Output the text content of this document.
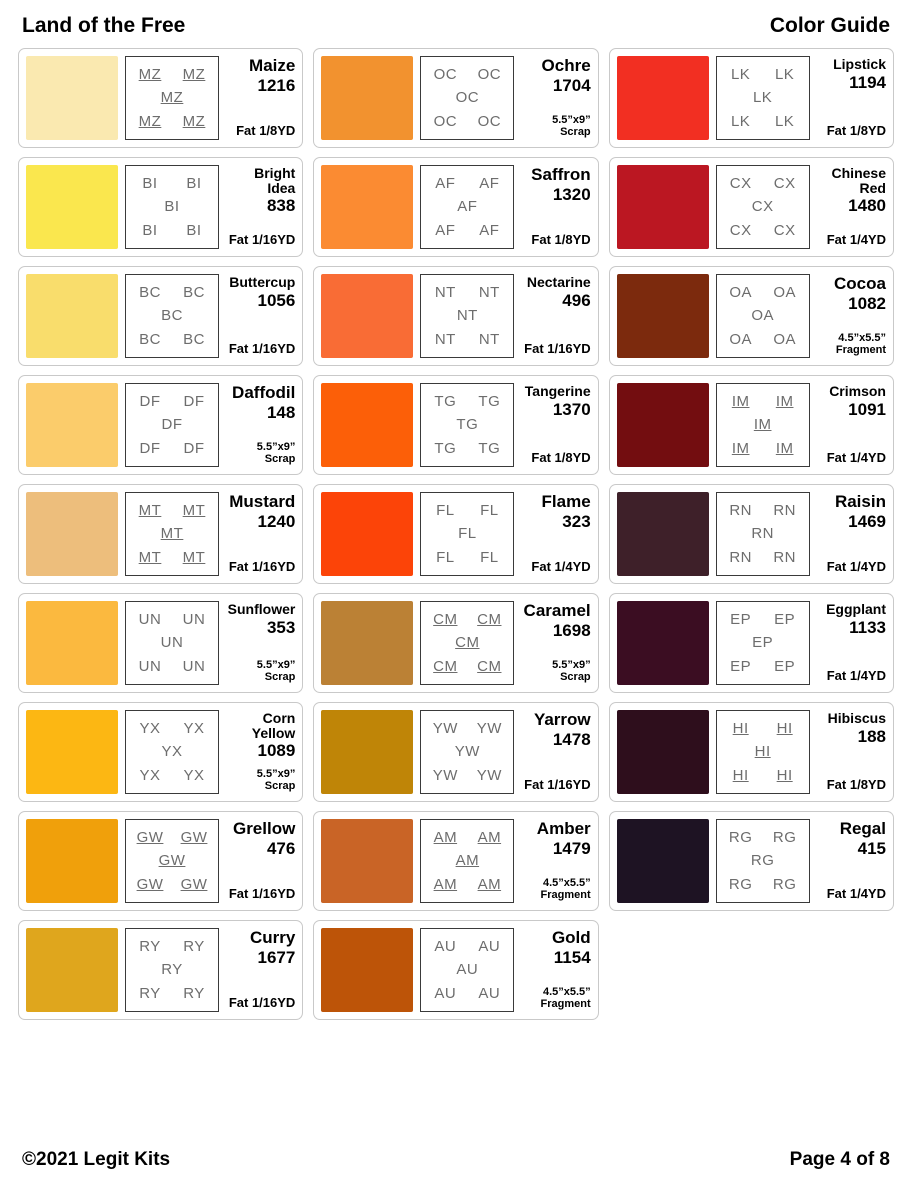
Land of the Free	Color Guide
MZ MZ
MZ
MZ MZ
Maize
1216
Fat 1/8YD
BI BI
BI
BI BI
Bright Idea
838
Fat 1/16YD
BC BC
BC
BC BC
Buttercup
1056
Fat 1/16YD
DF DF
DF
DF DF
Daffodil
148
5.5”x9”
Scrap
MT MT
MT
MT MT
Mustard
1240
Fat 1/16YD
UN UN
UN
UN UN
Sunflower
353
5.5”x9”
Scrap
YX YX
YX
YX YX
Corn Yellow
1089
5.5”x9”
Scrap
GW GW
GW
GW GW
Grellow
476
Fat 1/16YD
RY RY
RY
RY RY
Curry
1677
Fat 1/16YD
OC OC
OC
OC OC
Ochre
1704
5.5”x9”
Scrap
AF AF
AF
AF AF
Saffron
1320
Fat 1/8YD
NT NT
NT
NT NT
Nectarine
496
Fat 1/16YD
TG TG
TG
TG TG
Tangerine
1370
Fat 1/8YD
FL FL
FL
FL FL
Flame
323
Fat 1/4YD
CM CM
CM
CM CM
Caramel
1698
5.5”x9”
Scrap
YW YW
YW
YW YW
Yarrow
1478
Fat 1/16YD
AM AM
AM
AM AM
Amber
1479
4.5”x5.5”
Fragment
AU AU
AU
AU AU
Gold
1154
4.5”x5.5”
Fragment
LK LK
LK
LK LK
Lipstick
1194
Fat 1/8YD
CX CX
CX
CX CX
Chinese Red
1480
Fat 1/4YD
OA OA
OA
OA OA
Cocoa
1082
4.5”x5.5”
Fragment
IM IM
IM
IM IM
Crimson
1091
Fat 1/4YD
RN RN
RN
RN RN
Raisin
1469
Fat 1/4YD
EP EP
EP
EP EP
Eggplant
1133
Fat 1/4YD
HI HI
HI
HI HI
Hibiscus
188
Fat 1/8YD
RG RG
RG
RG RG
Regal
415
Fat 1/4YD
©2021 Legit Kits	Page 4 of 8
